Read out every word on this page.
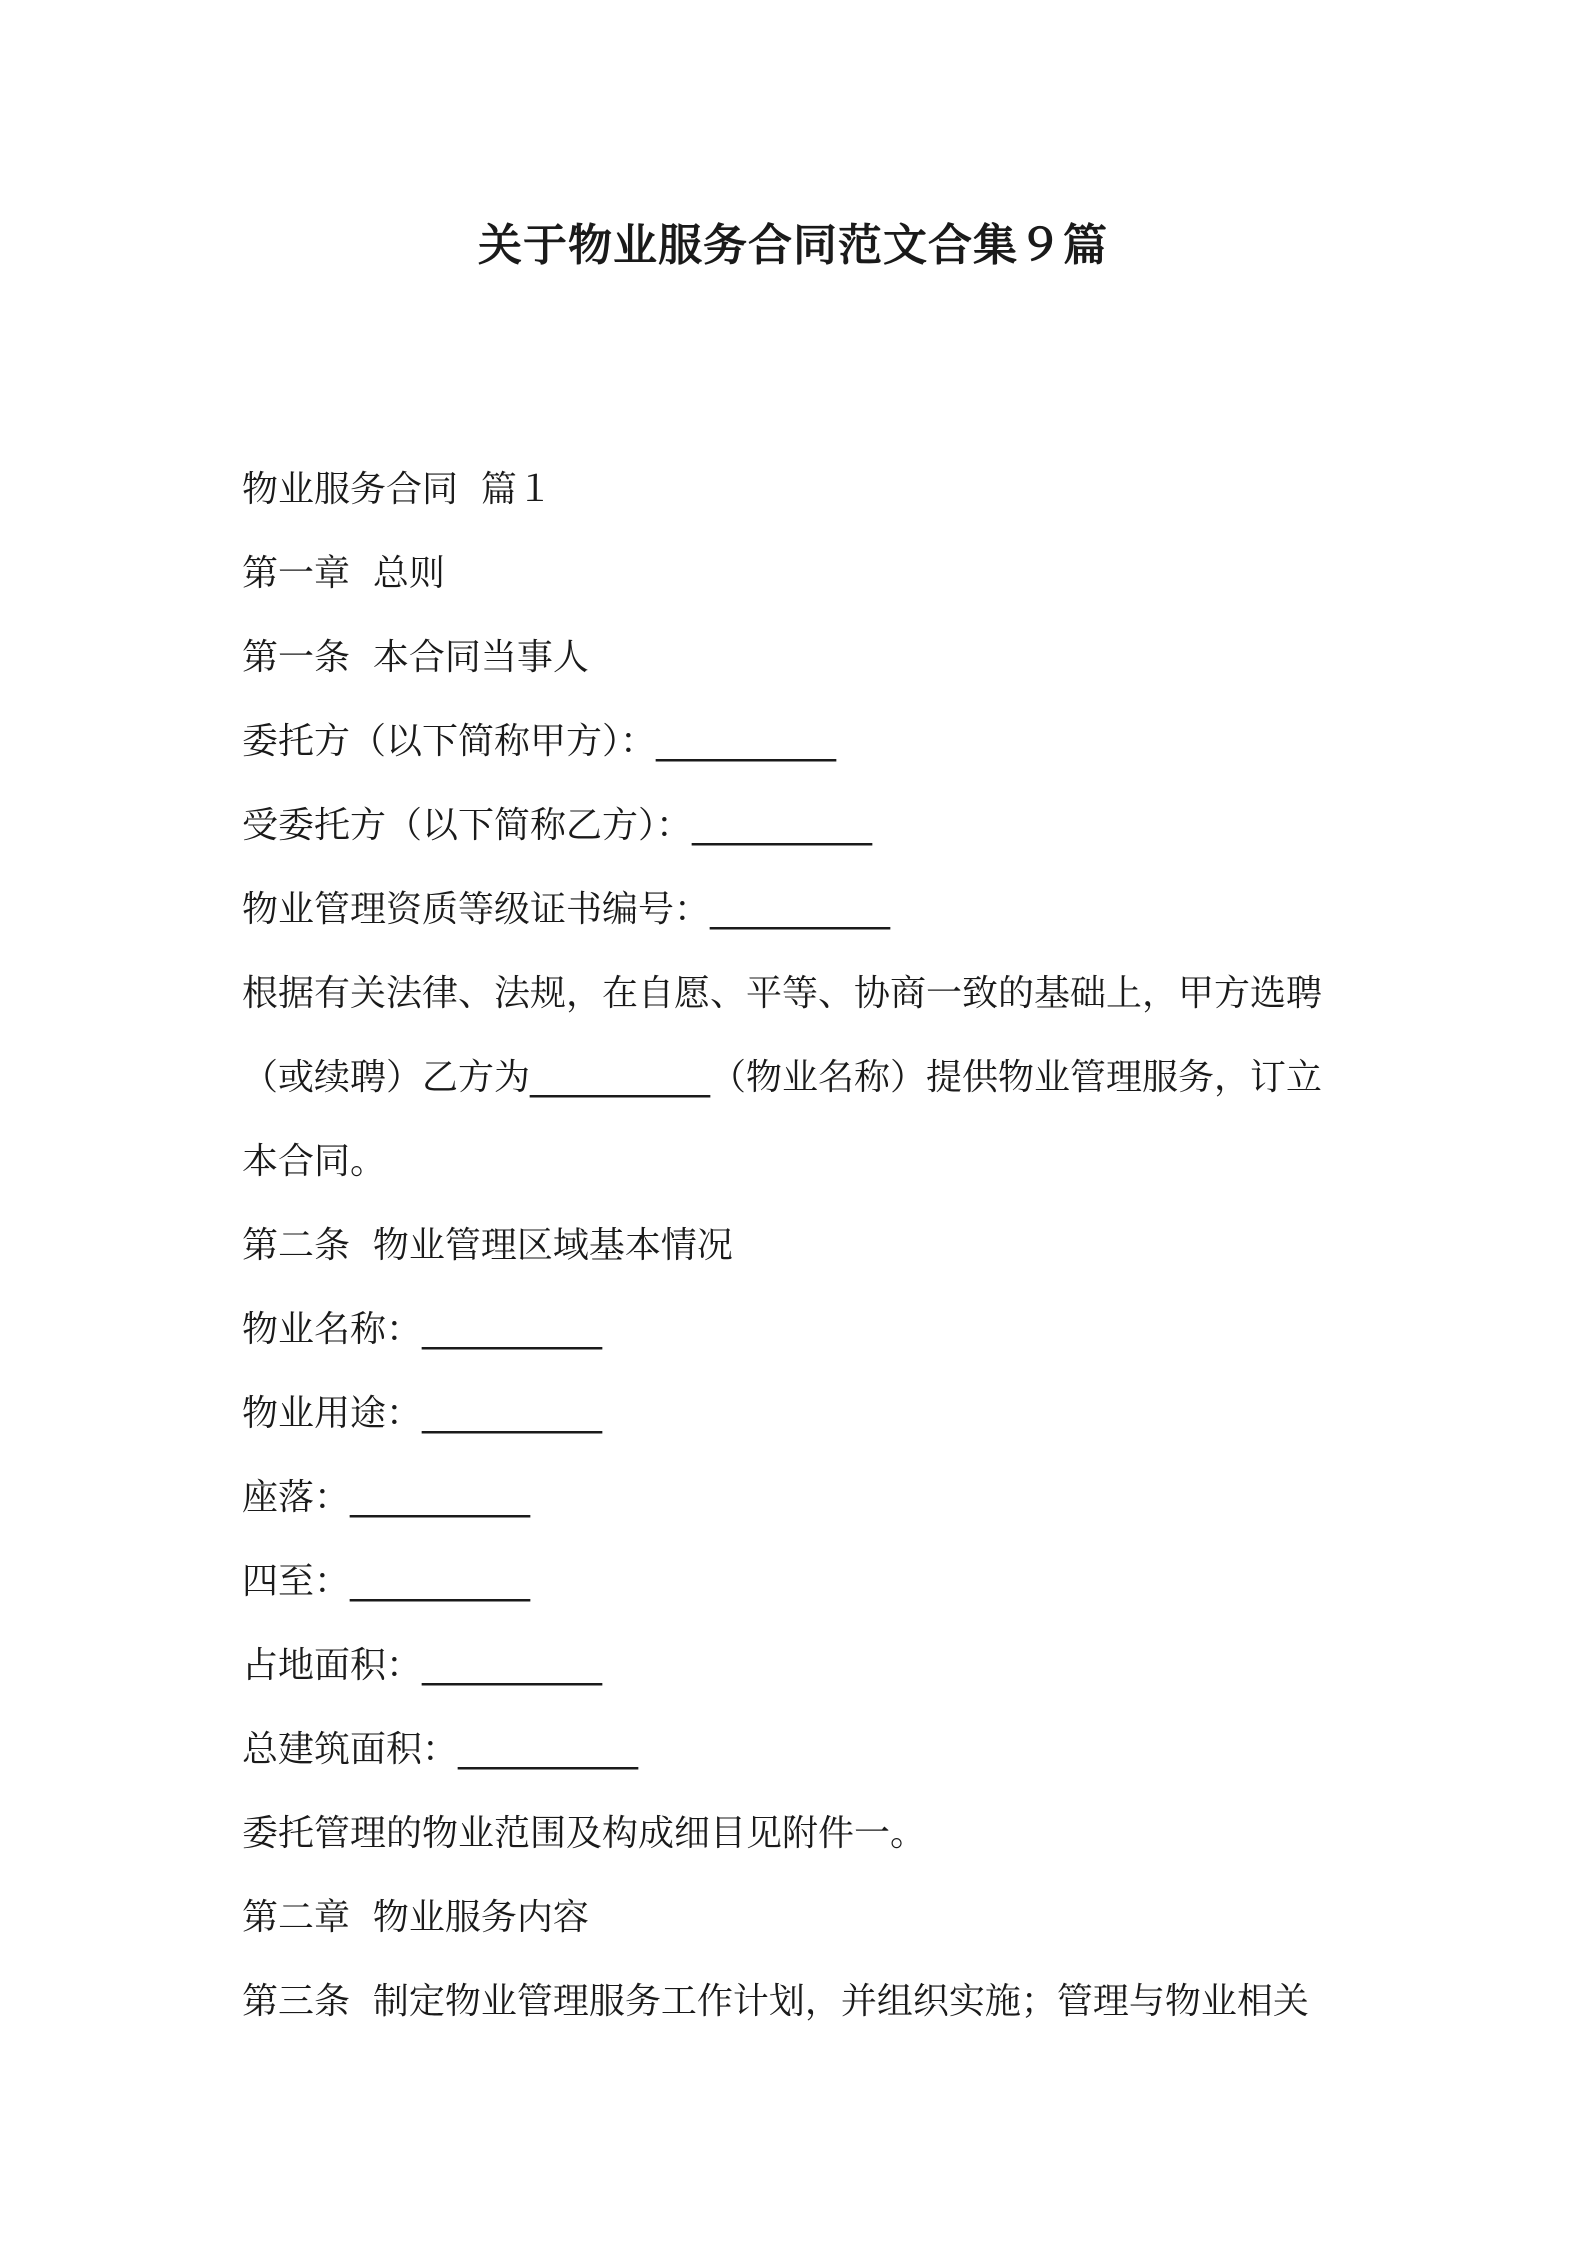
关于物业服务合同范文合集９篇

物业服务合同  篇１

第一章  总则

第一条  本合同当事人

委托方（以下简称甲方）：__________

受委托方（以下简称乙方）：__________

物业管理资质等级证书编号：__________

根据有关法律、法规，在自愿、平等、协商一致的基础上，甲方选聘

（或续聘）乙方为__________（物业名称）提供物业管理服务，订立

本合同。

第二条  物业管理区域基本情况

物业名称：__________

物业用途：__________

座落：__________

四至：__________

占地面积：__________

总建筑面积：__________

委托管理的物业范围及构成细目见附件一。

第二章  物业服务内容

第三条  制定物业管理服务工作计划，并组织实施；管理与物业相关
